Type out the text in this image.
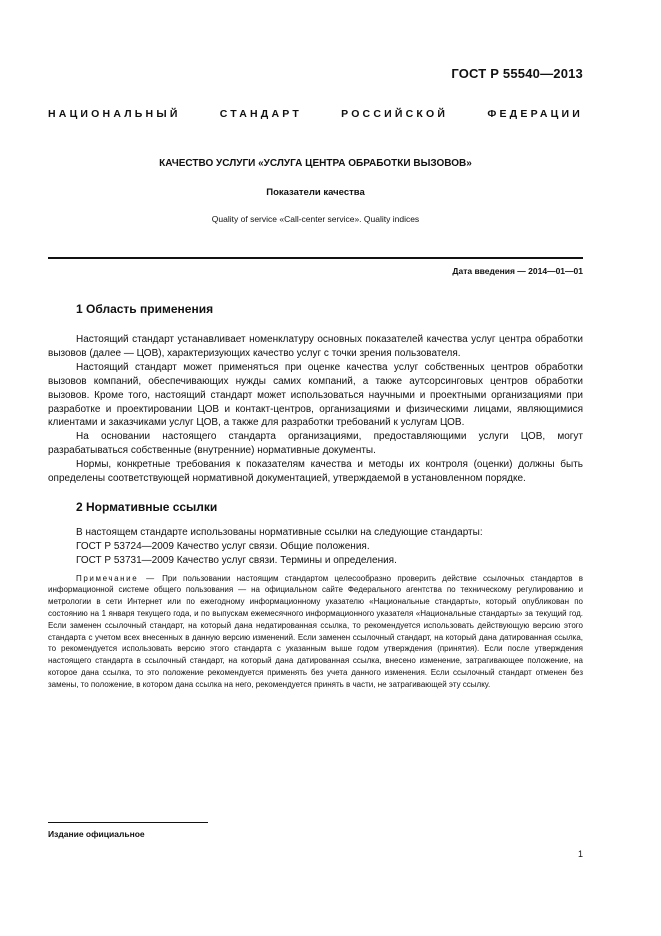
ГОСТ Р 55540—2013
НАЦИОНАЛЬНЫЙ СТАНДАРТ РОССИЙСКОЙ ФЕДЕРАЦИИ
КАЧЕСТВО УСЛУГИ «УСЛУГА ЦЕНТРА ОБРАБОТКИ ВЫЗОВОВ»
Показатели качества
Quality of service «Call-center service». Quality indices
Дата введения — 2014—01—01
1 Область применения

Настоящий стандарт устанавливает номенклатуру основных показателей качества услуг центра обработки вызовов (далее — ЦОВ), характеризующих качество услуг с точки зрения пользователя.

Настоящий стандарт может применяться при оценке качества услуг собственных центров обработки вызовов компаний, обеспечивающих нужды самих компаний, а также аутсорсинговых центров обработки вызовов. Кроме того, настоящий стандарт может использоваться научными и проектными организациями при разработке и проектировании ЦОВ и контакт-центров, организациями и физическими лицами, являющимися клиентами и заказчиками услуг ЦОВ, а также для разработки требований к услугам ЦОВ.

На основании настоящего стандарта организациями, предоставляющими услуги ЦОВ, могут разрабатываться собственные (внутренние) нормативные документы.

Нормы, конкретные требования к показателям качества и методы их контроля (оценки) должны быть определены соответствующей нормативной документацией, утверждаемой в установленном порядке.

2 Нормативные ссылки

В настоящем стандарте использованы нормативные ссылки на следующие стандарты:

ГОСТ Р 53724—2009 Качество услуг связи. Общие положения.

ГОСТ Р 53731—2009 Качество услуг связи. Термины и определения.

Примечание — При пользовании настоящим стандартом целесообразно проверить действие ссылочных стандартов в информационной системе общего пользования — на официальном сайте Федерального агентства по техническому регулированию и метрологии в сети Интернет или по ежегодному информационному указателю «Национальные стандарты», который опубликован по состоянию на 1 января текущего года, и по выпускам ежемесячного информационного указателя «Национальные стандарты» за текущий год. Если заменен ссылочный стандарт, на который дана недатированная ссылка, то рекомендуется использовать действующую версию этого стандарта с учетом всех внесенных в данную версию изменений. Если заменен ссылочный стандарт, на который дана датированная ссылка, то рекомендуется использовать версию этого стандарта с указанным выше годом утверждения (принятия). Если после утверждения настоящего стандарта в ссылочный стандарт, на который дана датированная ссылка, внесено изменение, затрагивающее положение, на которое дана ссылка, то это положение рекомендуется применять без учета данного изменения. Если ссылочный стандарт отменен без замены, то положение, в котором дана ссылка на него, рекомендуется принять в части, не затрагивающей эту ссылку.
Издание официальное
1
